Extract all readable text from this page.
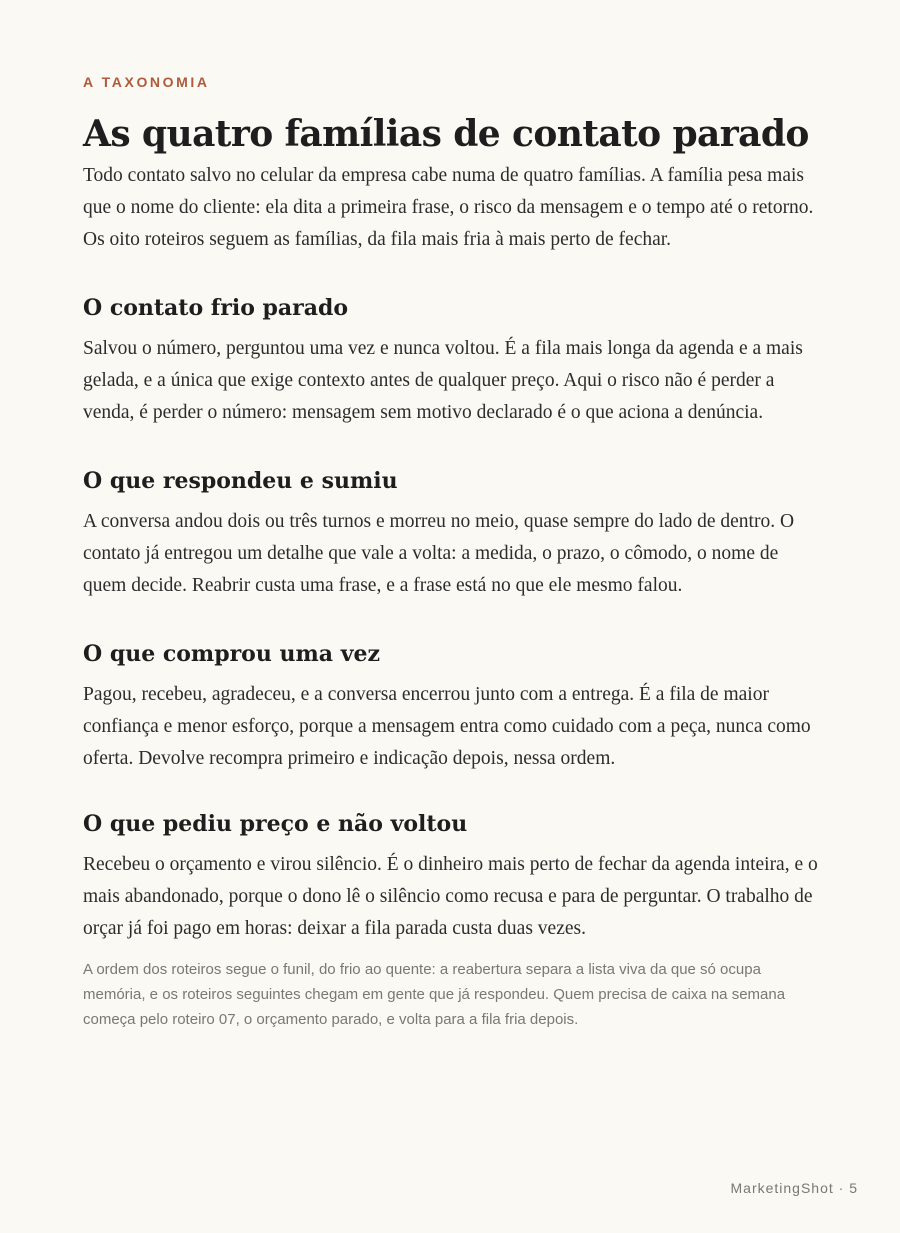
A TAXONOMIA

As quatro famílias de contato parado

Todo contato salvo no celular da empresa cabe numa de quatro famílias. A família pesa mais que o nome do cliente: ela dita a primeira frase, o risco da mensagem e o tempo até o retorno. Os oito roteiros seguem as famílias, da fila mais fria à mais perto de fechar.

O contato frio parado

Salvou o número, perguntou uma vez e nunca voltou. É a fila mais longa da agenda e a mais gelada, e a única que exige contexto antes de qualquer preço. Aqui o risco não é perder a venda, é perder o número: mensagem sem motivo declarado é o que aciona a denúncia.

O que respondeu e sumiu

A conversa andou dois ou três turnos e morreu no meio, quase sempre do lado de dentro. O contato já entregou um detalhe que vale a volta: a medida, o prazo, o cômodo, o nome de quem decide. Reabrir custa uma frase, e a frase está no que ele mesmo falou.

O que comprou uma vez

Pagou, recebeu, agradeceu, e a conversa encerrou junto com a entrega. É a fila de maior confiança e menor esforço, porque a mensagem entra como cuidado com a peça, nunca como oferta. Devolve recompra primeiro e indicação depois, nessa ordem.

O que pediu preço e não voltou

Recebeu o orçamento e virou silêncio. É o dinheiro mais perto de fechar da agenda inteira, e o mais abandonado, porque o dono lê o silêncio como recusa e para de perguntar. O trabalho de orçar já foi pago em horas: deixar a fila parada custa duas vezes.

A ordem dos roteiros segue o funil, do frio ao quente: a reabertura separa a lista viva da que só ocupa memória, e os roteiros seguintes chegam em gente que já respondeu. Quem precisa de caixa na semana começa pelo roteiro 07, o orçamento parado, e volta para a fila fria depois.

MarketingShot · 5
